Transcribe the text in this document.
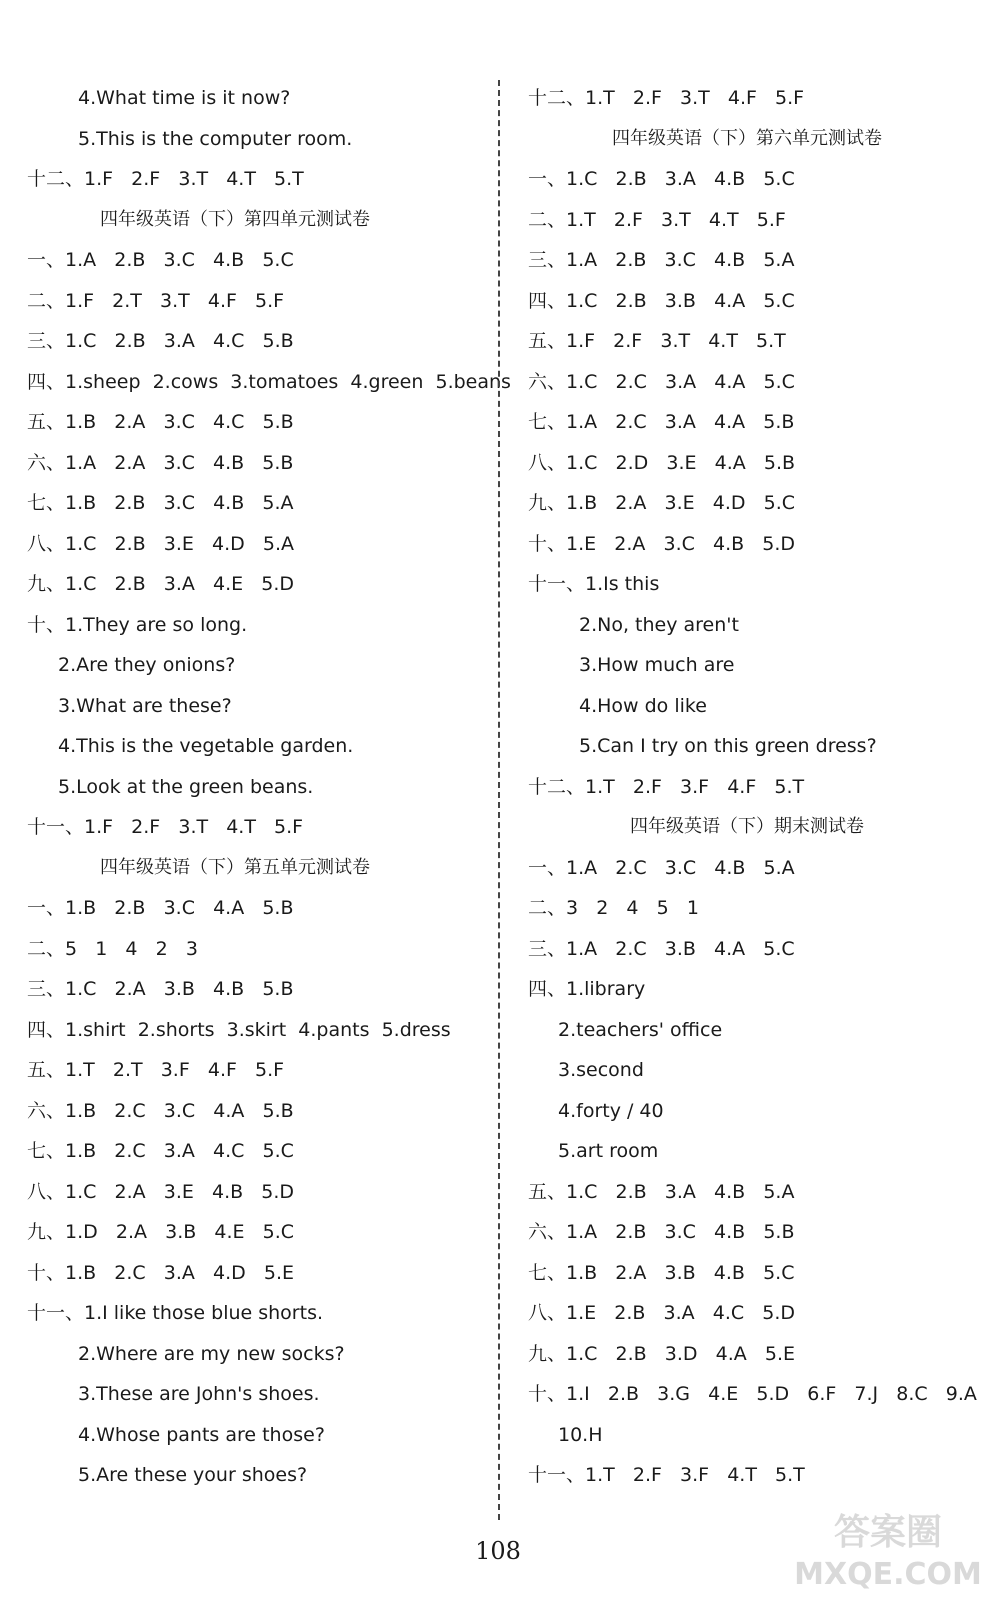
4.What time is it now?
5.This is the computer room.
十二、1.F   2.F   3.T   4.T   5.T
四年级英语（下）第四单元测试卷
一、1.A   2.B   3.C   4.B   5.C
二、1.F   2.T   3.T   4.F   5.F
三、1.C   2.B   3.A   4.C   5.B
四、1.sheep  2.cows  3.tomatoes  4.green  5.beans
五、1.B   2.A   3.C   4.C   5.B
六、1.A   2.A   3.C   4.B   5.B
七、1.B   2.B   3.C   4.B   5.A
八、1.C   2.B   3.E   4.D   5.A
九、1.C   2.B   3.A   4.E   5.D
十、1.They are so long.
2.Are they onions?
3.What are these?
4.This is the vegetable garden.
5.Look at the green beans.
十一、1.F   2.F   3.T   4.T   5.F
四年级英语（下）第五单元测试卷
一、1.B   2.B   3.C   4.A   5.B
二、5   1   4   2   3
三、1.C   2.A   3.B   4.B   5.B
四、1.shirt  2.shorts  3.skirt  4.pants  5.dress
五、1.T   2.T   3.F   4.F   5.F
六、1.B   2.C   3.C   4.A   5.B
七、1.B   2.C   3.A   4.C   5.C
八、1.C   2.A   3.E   4.B   5.D
九、1.D   2.A   3.B   4.E   5.C
十、1.B   2.C   3.A   4.D   5.E
十一、1.I like those blue shorts.
2.Where are my new socks?
3.These are John's shoes.
4.Whose pants are those?
5.Are these your shoes?
十二、1.T   2.F   3.T   4.F   5.F
四年级英语（下）第六单元测试卷
一、1.C   2.B   3.A   4.B   5.C
二、1.T   2.F   3.T   4.T   5.F
三、1.A   2.B   3.C   4.B   5.A
四、1.C   2.B   3.B   4.A   5.C
五、1.F   2.F   3.T   4.T   5.T
六、1.C   2.C   3.A   4.A   5.C
七、1.A   2.C   3.A   4.A   5.B
八、1.C   2.D   3.E   4.A   5.B
九、1.B   2.A   3.E   4.D   5.C
十、1.E   2.A   3.C   4.B   5.D
十一、1.Is this
2.No, they aren't
3.How much are
4.How do like
5.Can I try on this green dress?
十二、1.T   2.F   3.F   4.F   5.T
四年级英语（下）期末测试卷
一、1.A   2.C   3.C   4.B   5.A
二、3   2   4   5   1
三、1.A   2.C   3.B   4.A   5.C
四、1.library
2.teachers' office
3.second
4.forty / 40
5.art room
五、1.C   2.B   3.A   4.B   5.A
六、1.A   2.B   3.C   4.B   5.B
七、1.B   2.A   3.B   4.B   5.C
八、1.E   2.B   3.A   4.C   5.D
九、1.C   2.B   3.D   4.A   5.E
十、1.I   2.B   3.G   4.E   5.D   6.F   7.J   8.C   9.A
10.H
十一、1.T   2.F   3.F   4.T   5.T
108	答案圈
MXQE.COM
